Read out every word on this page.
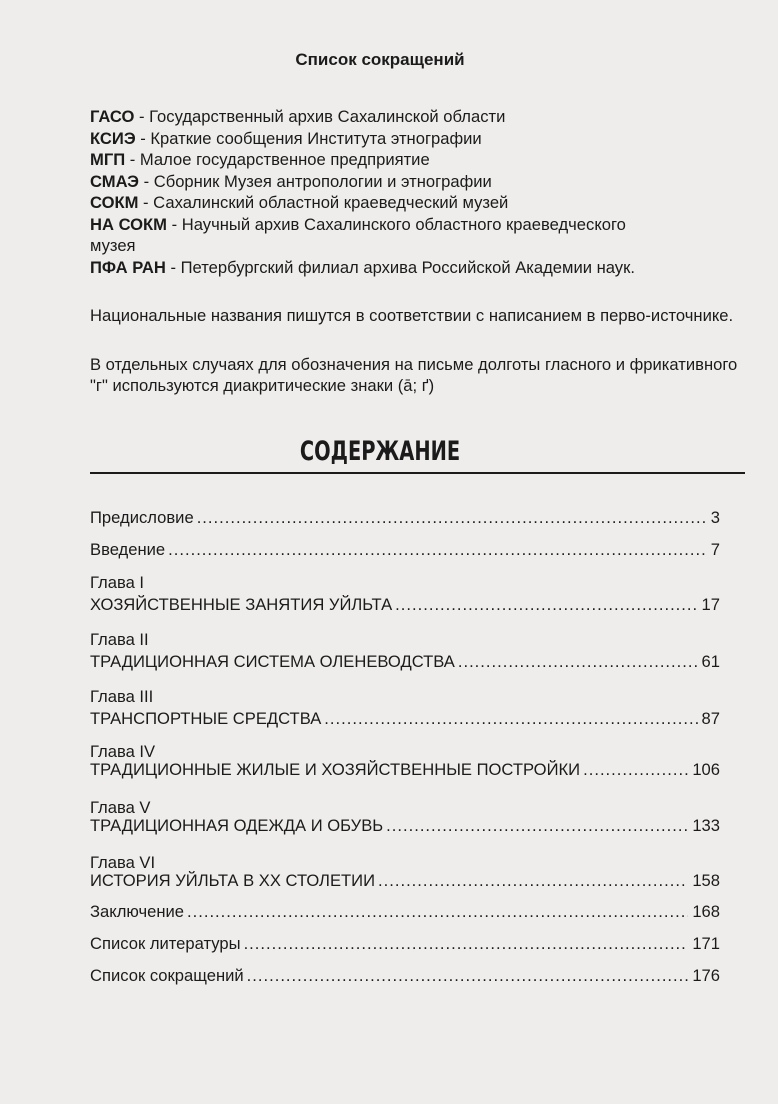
Список сокращений
ГАСО - Государственный архив Сахалинской области
КСИЭ - Краткие сообщения Института этнографии
МГП - Малое государственное предприятие
СМАЭ - Сборник Музея антропологии и этнографии
СОКМ - Сахалинский областной краеведческий музей
НА СОКМ - Научный архив Сахалинского областного краеведческого
музея
ПФА РАН - Петербургский филиал архива Российской Академии наук.
Национальные названия пишутся в соответствии с написанием в перво-источнике.
В отдельных случаях для обозначения на письме долготы гласного и фрикативного "г" используются диакритические знаки (ā; ґ)
СОДЕРЖАНИЕ
Предисловие .....	3
Введение .....	7
Глава I
ХОЗЯЙСТВЕННЫЕ ЗАНЯТИЯ УЙЛЬТА .....	17
Глава II
ТРАДИЦИОННАЯ СИСТЕМА ОЛЕНЕВОДСТВА .....	61
Глава III
ТРАНСПОРТНЫЕ СРЕДСТВА .....	87
Глава IV
ТРАДИЦИОННЫЕ ЖИЛЫЕ И ХОЗЯЙСТВЕННЫЕ ПОСТРОЙКИ .....	106
Глава V
ТРАДИЦИОННАЯ ОДЕЖДА И ОБУВЬ .....	133
Глава VI
ИСТОРИЯ УЙЛЬТА В XX СТОЛЕТИИ .....	158
Заключение .....	168
Список литературы .....	171
Список сокращений .....	176
